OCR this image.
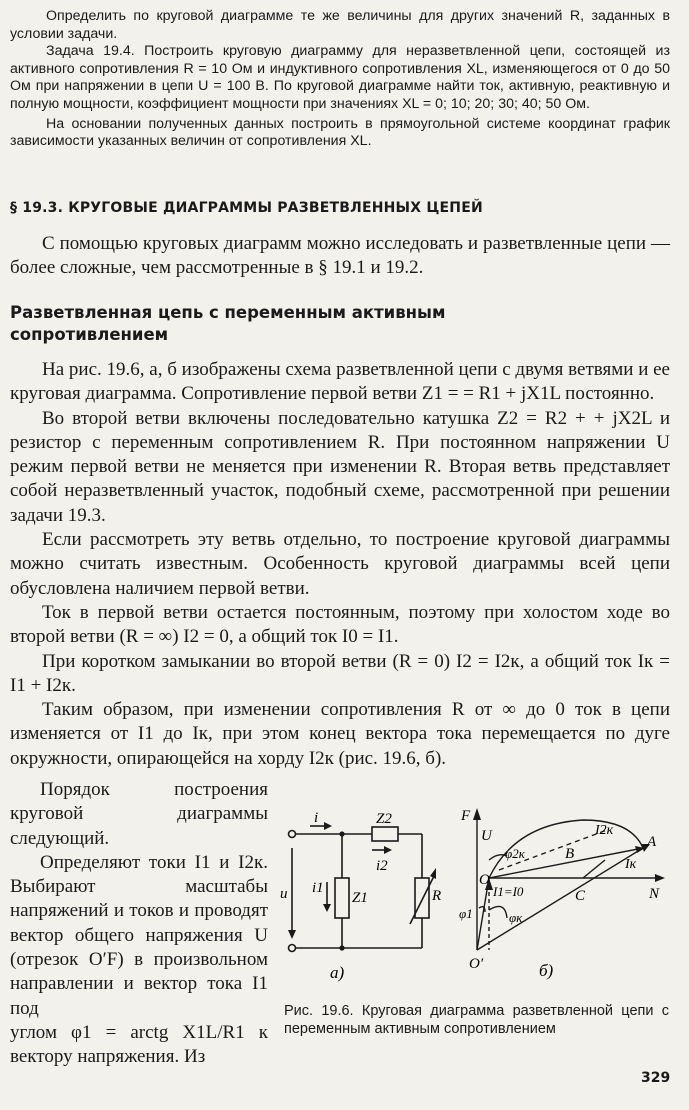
Определить по круговой диаграмме те же величины для других значений R, заданных в условии задачи.

Задача 19.4. Построить круговую диаграмму для неразветвленной цепи, состоящей из активного сопротивления R = 10 Ом и индуктивного сопротивления XL, изменяющегося от 0 до 50 Ом при напряжении в цепи U = 100 В. По круговой диаграмме найти ток, активную, реактивную и полную мощности, коэффициент мощности при значениях XL = 0; 10; 20; 30; 40; 50 Ом.

На основании полученных данных построить в прямоугольной системе координат график зависимости указанных величин от сопротивления XL.

§ 19.3. КРУГОВЫЕ ДИАГРАММЫ РАЗВЕТВЛЕННЫХ ЦЕПЕЙ

С помощью круговых диаграмм можно исследовать и разветвленные цепи — более сложные, чем рассмотренные в § 19.1 и 19.2.

Разветвленная цепь с переменным активным сопротивлением

На рис. 19.6, а, б изображены схема разветвленной цепи с двумя ветвями и ее круговая диаграмма. Сопротивление первой ветви Z1 = = R1 + jX1L постоянно.

Во второй ветви включены последовательно катушка Z2 = R2 + + jX2L и резистор с переменным сопротивлением R. При постоянном напряжении U режим первой ветви не меняется при изменении R. Вторая ветвь представляет собой неразветвленный участок, подобный схеме, рассмотренной при решении задачи 19.3.

Если рассмотреть эту ветвь отдельно, то построение круговой диаграммы можно считать известным. Особенность круговой диаграммы всей цепи обусловлена наличием первой ветви.

Ток в первой ветви остается постоянным, поэтому при холостом ходе во второй ветви (R = ∞) I2 = 0, а общий ток I0 = I1.

При коротком замыкании во второй ветви (R = 0) I2 = I2к, а общий ток Iк = I1 + I2к.

Таким образом, при изменении сопротивления R от ∞ до 0 ток в цепи изменяется от I1 до Iк, при этом конец вектора тока перемещается по дуге окружности, опирающейся на хорду I2к (рис. 19.6, б).

Порядок построения круговой диаграммы следующий.

Определяют токи I1 и I2к. Выбирают масштабы напряжений и токов и проводят вектор общего напряжения U (отрезок O′F) в произвольном направлении и вектор тока I1 под

углом φ1 = arctg X1L/R1 к вектору напряжения. Из

i
u
Z2
i2
i1
Z1	R
а)
F
U	A
B
C	N
O
O′
I2к
Iк
φ2к
φк
φ1
I1=I0
б)
Рис. 19.6. Круговая диаграмма разветвленной цепи с переменным активным сопротивлением
329
